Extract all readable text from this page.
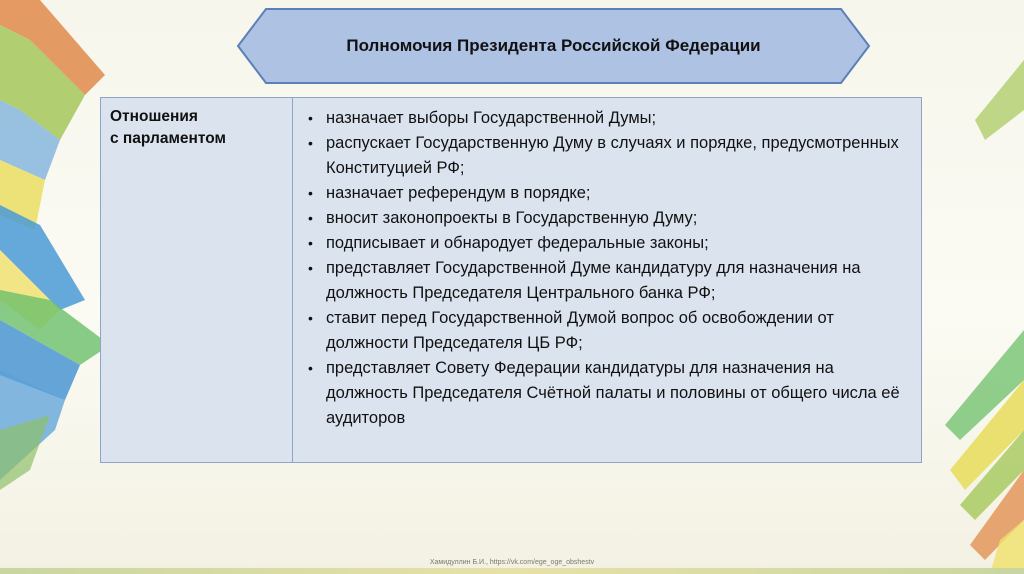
Полномочия Президента Российской Федерации
Отношения
с парламентом
• назначает выборы Государственной Думы;
• распускает Государственную Думу в случаях и порядке, предусмотренных Конституцией РФ;
• назначает референдум в порядке;
• вносит законопроекты в Государственную Думу;
• подписывает и обнародует федеральные законы;
• представляет Государственной Думе кандидатуру для назначения на должность Председателя Центрального банка РФ;
• ставит перед Государственной Думой вопрос об освобождении от должности Председателя ЦБ РФ;
• представляет Совету Федерации кандидатуры для назначения на должность Председателя Счётной палаты и половины от общего числа её аудиторов
Хамидуллин Б.И., https://vk.com/ege_oge_obshestv
